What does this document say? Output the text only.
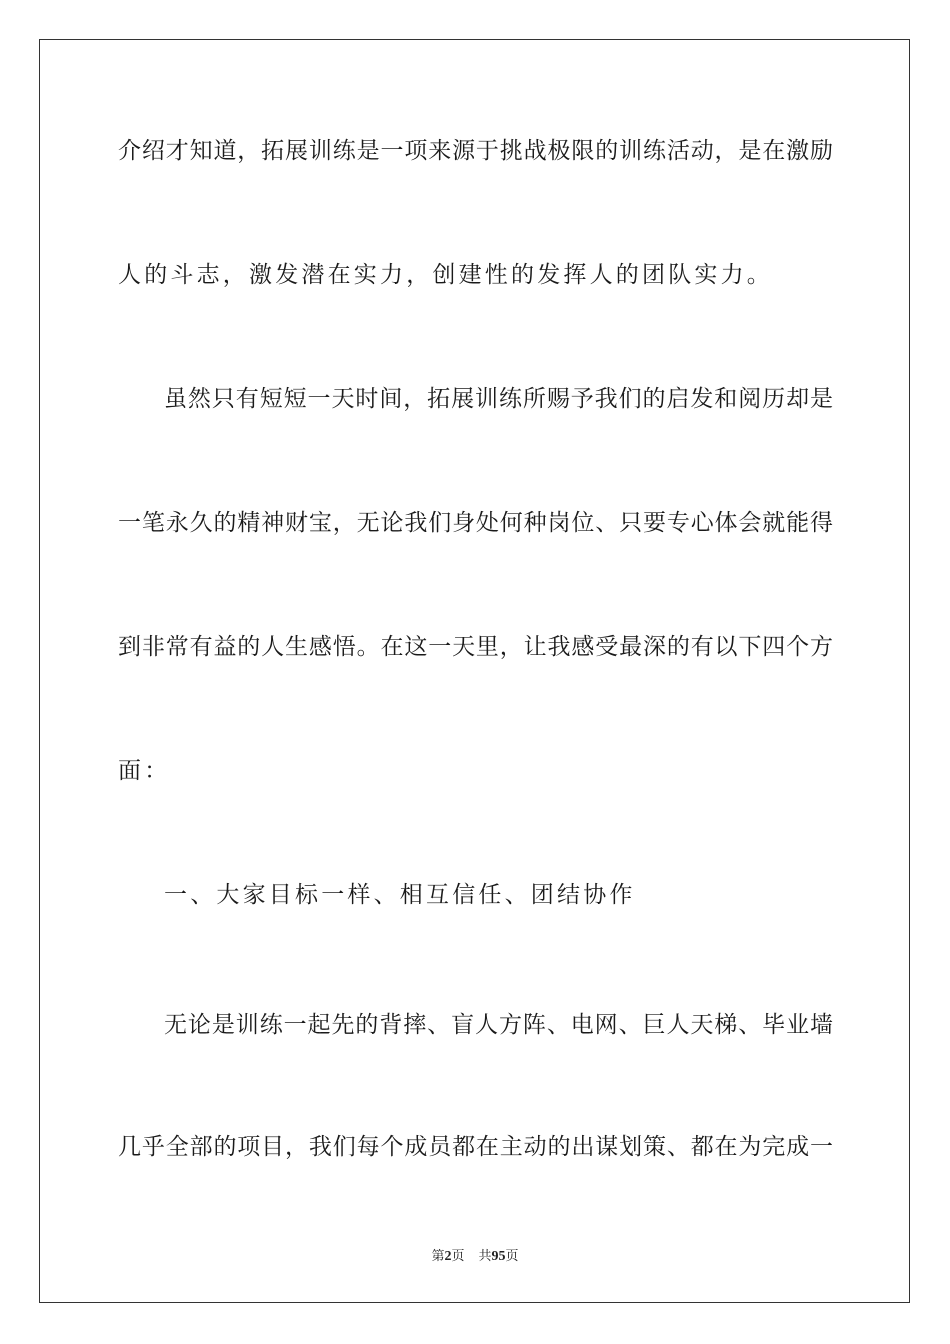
介绍才知道，拓展训练是一项来源于挑战极限的训练活动，是在激励
人的斗志，激发潜在实力，创建性的发挥人的团队实力。
虽然只有短短一天时间，拓展训练所赐予我们的启发和阅历却是
一笔永久的精神财宝，无论我们身处何种岗位、只要专心体会就能得
到非常有益的人生感悟。在这一天里，让我感受最深的有以下四个方
面：
一、大家目标一样、相互信任、团结协作
无论是训练一起先的背摔、盲人方阵、电网、巨人天梯、毕业墙
几乎全部的项目，我们每个成员都在主动的出谋划策、都在为完成一
第2页 共95页
